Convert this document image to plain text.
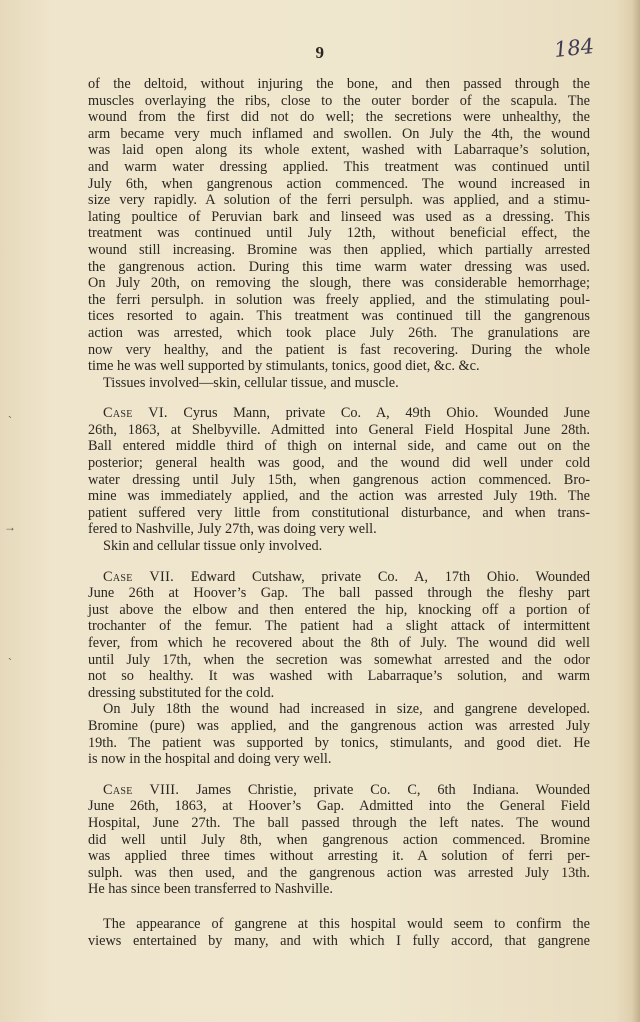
9	184
˴
→
˴
of the deltoid, without injuring the bone, and then passed through the
muscles overlaying the ribs, close to the outer border of the scapula. The
wound from the first did not do well; the secretions were unhealthy, the
arm became very much inflamed and swollen. On July the 4th, the wound
was laid open along its whole extent, washed with Labarraque’s solution,
and warm water dressing applied. This treatment was continued until
July 6th, when gangrenous action commenced. The wound increased in
size very rapidly. A solution of the ferri persulph. was applied, and a stimu-
lating poultice of Peruvian bark and linseed was used as a dressing. This
treatment was continued until July 12th, without beneficial effect, the
wound still increasing. Bromine was then applied, which partially arrested
the gangrenous action. During this time warm water dressing was used.
On July 20th, on removing the slough, there was considerable hemorrhage;
the ferri persulph. in solution was freely applied, and the stimulating poul-
tices resorted to again. This treatment was continued till the gangrenous
action was arrested, which took place July 26th. The granulations are
now very healthy, and the patient is fast recovering. During the whole
time he was well supported by stimulants, tonics, good diet, &c. &c.
Tissues involved—skin, cellular tissue, and muscle.
Case VI. Cyrus Mann, private Co. A, 49th Ohio. Wounded June
26th, 1863, at Shelbyville. Admitted into General Field Hospital June 28th.
Ball entered middle third of thigh on internal side, and came out on the
posterior; general health was good, and the wound did well under cold
water dressing until July 15th, when gangrenous action commenced. Bro-
mine was immediately applied, and the action was arrested July 19th. The
patient suffered very little from constitutional disturbance, and when trans-
fered to Nashville, July 27th, was doing very well.
Skin and cellular tissue only involved.
Case VII. Edward Cutshaw, private Co. A, 17th Ohio. Wounded
June 26th at Hoover’s Gap. The ball passed through the fleshy part
just above the elbow and then entered the hip, knocking off a portion of
trochanter of the femur. The patient had a slight attack of intermittent
fever, from which he recovered about the 8th of July. The wound did well
until July 17th, when the secretion was somewhat arrested and the odor
not so healthy. It was washed with Labarraque’s solution, and warm
dressing substituted for the cold.
On July 18th the wound had increased in size, and gangrene developed.
Bromine (pure) was applied, and the gangrenous action was arrested July
19th. The patient was supported by tonics, stimulants, and good diet. He
is now in the hospital and doing very well.
Case VIII. James Christie, private Co. C, 6th Indiana. Wounded
June 26th, 1863, at Hoover’s Gap. Admitted into the General Field
Hospital, June 27th. The ball passed through the left nates. The wound
did well until July 8th, when gangrenous action commenced. Bromine
was applied three times without arresting it. A solution of ferri per-
sulph. was then used, and the gangrenous action was arrested July 13th.
He has since been transferred to Nashville.
The appearance of gangrene at this hospital would seem to confirm the
views entertained by many, and with which I fully accord, that gangrene
